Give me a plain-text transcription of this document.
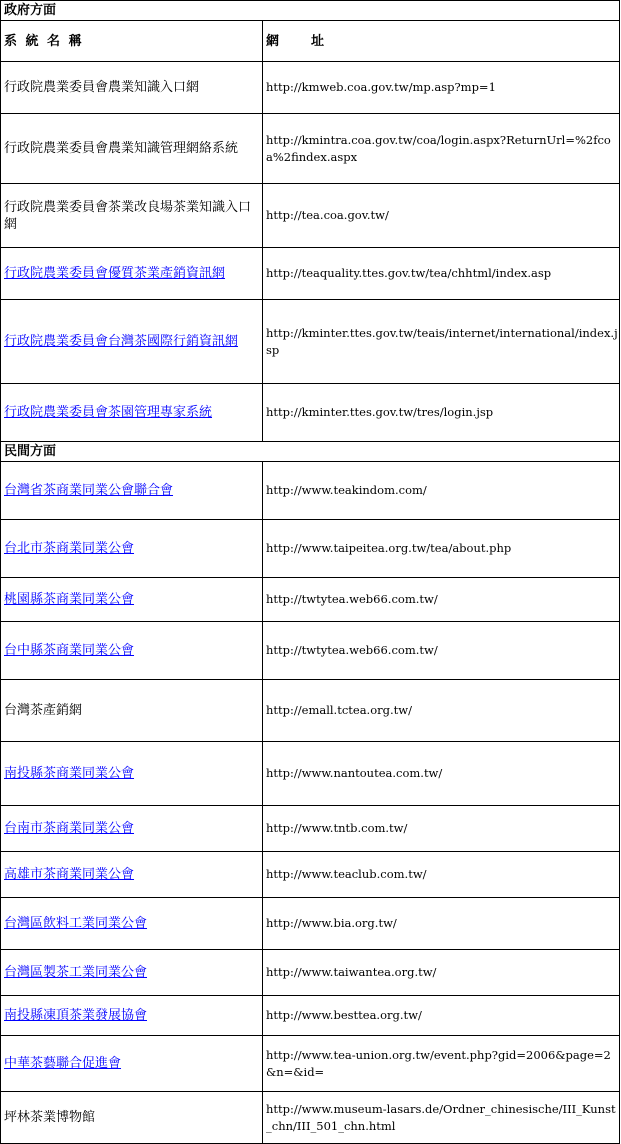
政府方面	
系 統 名 稱	網　　址
行政院農業委員會農業知識入口網	http://kmweb.coa.gov.tw/mp.asp?mp=1
行政院農業委員會農業知識管理網絡系統	http://kmintra.coa.gov.tw/coa/login.aspx?ReturnUrl=%2fcoa%2findex.aspx
行政院農業委員會茶業改良場茶業知識入口網	http://tea.coa.gov.tw/
行政院農業委員會優質茶業產銷資訊網	http://teaquality.ttes.gov.tw/tea/chhtml/index.asp
行政院農業委員會台灣茶國際行銷資訊網	http://kminter.ttes.gov.tw/teais/internet/international/index.jsp
行政院農業委員會茶園管理專家系統	http://kminter.ttes.gov.tw/tres/login.jsp
民間方面	
台灣省茶商業同業公會聯合會	http://www.teakindom.com/
台北市茶商業同業公會	http://www.taipeitea.org.tw/tea/about.php
桃園縣茶商業同業公會	http://twtytea.web66.com.tw/
台中縣茶商業同業公會	http://twtytea.web66.com.tw/
台灣茶產銷網	http://emall.tctea.org.tw/
南投縣茶商業同業公會	http://www.nantoutea.com.tw/
台南市茶商業同業公會	http://www.tntb.com.tw/
高雄市茶商業同業公會	http://www.teaclub.com.tw/
台灣區飲料工業同業公會	http://www.bia.org.tw/
台灣區製茶工業同業公會	http://www.taiwantea.org.tw/
南投縣凍頂茶業發展協會	http://www.besttea.org.tw/
中華茶藝聯合促進會	http://www.tea-union.org.tw/event.php?gid=2006&page=2&n=&id=
坪林茶業博物館	http://www.museum-lasars.de/Ordner_chinesische/III_Kunst_chn/III_501_chn.html
